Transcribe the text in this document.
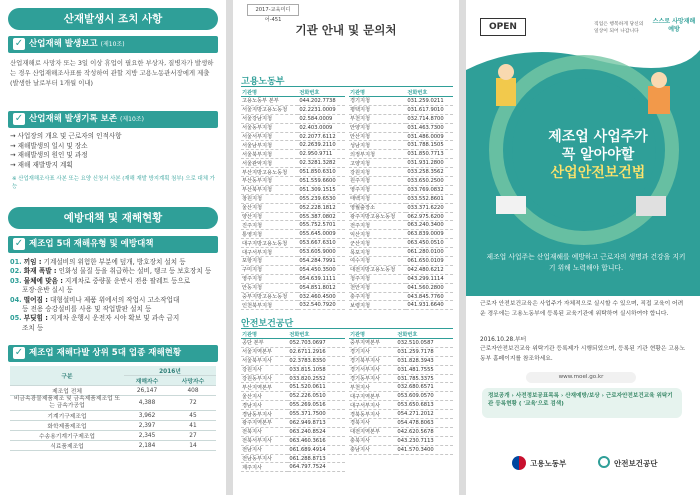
산재발생시 조치 사항
✓ 산업재해 발생보고 (제10조)
산업재해로 사망자 또는 3일 이상 휴업이 필요한 부상자, 질병자가 발생하는 경우 산업재해조사표를 작성하여 관할 지방 고용노동관서장에게 제출(발생한 날로부터 1개월 이내)
✓ 산업재해 발생기록 보존 (제10조)
→ 사업장의 개요 및 근로자의 인적사항
→ 재해발생의 일시 및 장소
→ 재해발생의 원인 및 과정
→ 재해 재발방지 계획
※ 산업재해조사표 사본 또는 요양 신청서 사본 (재해 재발 방지계획 첨부) 으로 대체 가능
예방대책 및 재해현황
✓ 제조업 5대 재해유형 및 예방대책
01. 끼임 : 기계설비의 위험한 부분에 덮개, 방호장치 설치 등
02. 화재 폭발 : 인화성 물질 등을 취급하는 설비, 탱크 등 보호장치 등
03. 물체에 맞음 : 지게차로 중량물 운반시 전용 팔레트 등으로
포장·운반 실시 등
04. 떨어짐 : 대형설비나 제품 위에서의 작업시 고소작업대
등 전용 승강설비를 사용 및 작업발판 설치 등
05. 부딪힘 : 지게차 운행시 운전자 시야 확보 및 과속 금지
조치 등
✓ 제조업 재해다발 상위 5대 업종 재해현황
구분	2016년	
	재해자수	사망자수
제조업 전체	26,147	408
비금속광물제품제조 및 금속제품제조업 또는 금속가공업	4,388	72
기계기구제조업	3,962	45
화학제품제조업	2,397	41
수송용기계기구제조업	2,345	27
식료품제조업	2,184	14
2017-교육미디어-451
기관 안내 및 문의처
고용노동부
기관명	전화번호
고용노동부 본부	044.202.7738
서울지방고용노동청	02.2231.0009
서울강남지청	02.584.0009
서울동부지청	02.403.0009
서울서부지청	02.2077.6112
서울남부지청	02.2639.2110
서울북부지청	02.950.9711
서울관악지청	02.3281.3282
부산지방고용노동청	051.850.6310
부산동부지청	051.559.6600
부산북부지청	051.309.1515
창원지청	055.239.6530
울산지청	052.228.1812
양산지청	055.387.0802
진주지청	055.752.5701
통영지청	055.645.0009
대구지방고용노동청	053.667.6310
대구서부지청	053.605.9000
포항지청	054.284.7991
구미지청	054.450.3500
영주지청	054.639.1111
안동지청	054.851.8012
중부지방고용노동청	032.460.4500
인천북부지청	032.540.7920
기관명	전화번호
경기지청	031.259.0211
평택지청	031.617.9010
부천지청	032.714.8700
안양지청	031.463.7300
안산지청	031.486.0009
성남지청	031.788.1505
의정부지청	031.850.7713
고양지청	031.931.2800
강원지청	033.258.3562
원주지청	033.650.2500
영주지청	033.769.0832
태백지청	033.552.8601
영월출장소	033.371.6220
광주지방고용노동청	062.975.6200
전주지청	063.240.3400
익산지청	063.839.0009
군산지청	063.450.0510
목포지청	061.280.0100
여수지청	061.650.0109
대전지방고용노동청	042.480.6212
청주지청	043.299.1114
천안지청	041.560.2800
충주지청	043.845.7760
보령지청	041.931.6640
안전보건공단
기관명	전화번호
공단 본부	052.703.0697
서울지역본부	02.6711.2916
서울북부지사	02.3783.8350
강원지사	033.815.1058
강원동부지사	033.820.2552
부산지역본부	051.520.0611
울산지사	052.226.0510
경남지사	055.269.0516
경남동부지사	055.371.7500
광주지역본부	062.949.8713
전북지사	063.240.8524
전북서부지사	063.460.3616
전남지사	061.689.4914
전남동부지사	061.288.8713
제주지사	064.797.7524
기관명	전화번호
중부지역본부	032.510.0587
경기지사	031.259.7178
경기북부지사	031.828.3943
경기서부지사	031.481.7555
경기동부지사	031.785.3375
부천지사	032.680.6571
대구지역본부	053.609.0570
대구서부지사	053.650.6813
경북동부지사	054.271.2012
경북지사	054.478.8063
대전지역본부	042.620.5678
충북지사	043.230.7113
충남지사	041.570.3400
OPEN	직업은 행복하게 당신의 일상이 되어 나갑니다
스스로 사망재해 예방
제조업 사업주가
꼭 알아야할
산업안전보건법
제조업 사업주는 산업재해를 예방하고 근로자의 생명과 건강을 지키기 위해 노력해야 합니다.
근로자 안전보건교육은 사업주가 자체적으로 실시할 수 있으며, 직접 교육이 어려운 경우에는 고용노동부에 등록된 교육기관에 위탁하여 실시하여야 합니다.
2016.10.28.부터
근로자안전보건교육 위탁기관 등록제가 시행되었으며, 등록된 기관 현황은 고용노동부 홈페이지를 참조하세요.
www.moel.go.kr
정보공개 › 사전정보공표목록 › 산재예방/보상 › 근로자안전보건교육 위탁기관 등록현황 ( '교육'으로 검색)
고용노동부	안전보건공단
